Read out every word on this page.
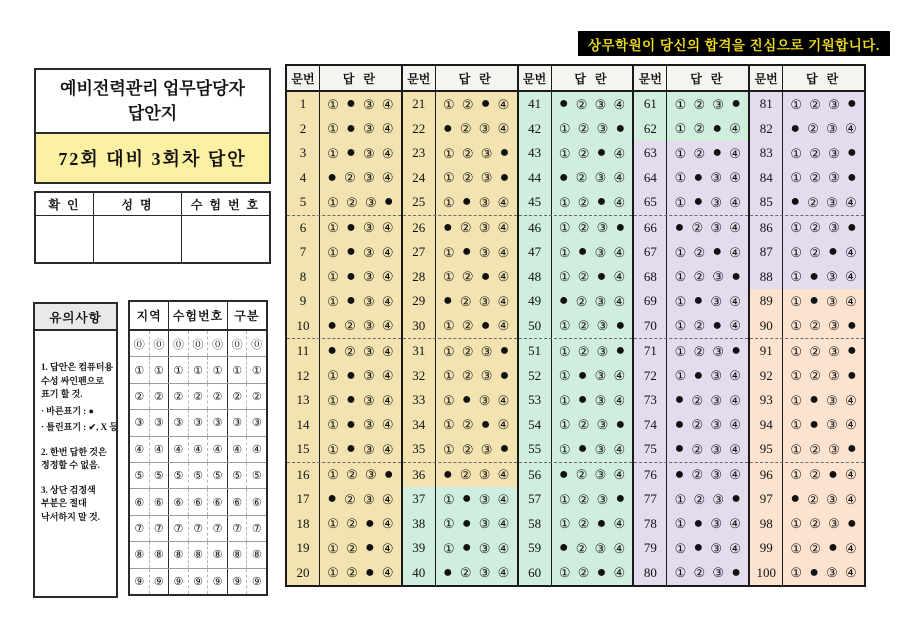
상무학원이 당신의 합격을 진심으로 기원합니다.
예비전력관리 업무담당자
답안지
72회 대비 3회차 답안
확 인	성 명	수 험 번 호
유의사항
1. 답안은 컴퓨터용
수성 싸인펜으로
표기 할 것.
· 바른표기 : ●
· 틀린표기 : ✔, X 등
2. 한번 답한 것은
정정할 수 없음.
3. 상단 검정색
부분은 절대
낙서하지 말 것.
지역 수험번호 구분
⓪ ⓪ ⓪ ⓪ ⓪ ⓪ ⓪
① ① ① ① ① ① ①
② ② ② ② ② ② ②
③ ③ ③ ③ ③ ③ ③
④ ④ ④ ④ ④ ④ ④
⑤ ⑤ ⑤ ⑤ ⑤ ⑤ ⑤
⑥ ⑥ ⑥ ⑥ ⑥ ⑥ ⑥
⑦ ⑦ ⑦ ⑦ ⑦ ⑦ ⑦
⑧ ⑧ ⑧ ⑧ ⑧ ⑧ ⑧
⑨ ⑨ ⑨ ⑨ ⑨ ⑨ ⑨
문번	답 란
1	① ● ③ ④
2	① ● ③ ④
3	① ● ③ ④
4	● ② ③ ④
5	① ② ③ ●
6	① ● ③ ④
7	① ● ③ ④
8	① ● ③ ④
9	① ● ③ ④
10	● ② ③ ④
11	● ② ③ ④
12	① ● ③ ④
13	① ● ③ ④
14	① ● ③ ④
15	① ● ③ ④
16	① ② ③ ●
17	● ② ③ ④
18	① ② ● ④
19	① ② ● ④
20	① ② ● ④
문번	답 란
21	① ② ● ④
22	● ② ③ ④
23	① ② ③ ●
24	① ② ③ ●
25	① ● ③ ④
26	● ② ③ ④
27	① ● ③ ④
28	① ② ● ④
29	● ② ③ ④
30	① ② ● ④
31	① ② ③ ●
32	① ② ③ ●
33	① ● ③ ④
34	① ② ● ④
35	① ② ③ ●
36	● ② ③ ④
37	① ● ③ ④
38	① ● ③ ④
39	① ● ③ ④
40	● ② ③ ④
문번	답 란
41	● ② ③ ④
42	① ② ③ ●
43	① ② ● ④
44	● ② ③ ④
45	① ② ● ④
46	① ② ③ ●
47	① ● ③ ④
48	① ② ● ④
49	● ② ③ ④
50	① ② ③ ●
51	① ② ③ ●
52	① ● ③ ④
53	① ● ③ ④
54	① ② ③ ●
55	① ● ③ ④
56	● ② ③ ④
57	① ② ③ ●
58	① ② ● ④
59	● ② ③ ④
60	① ② ● ④
문번	답 란
61	① ② ③ ●
62	① ② ● ④
63	① ② ● ④
64	① ● ③ ④
65	① ● ③ ④
66	● ② ③ ④
67	① ② ● ④
68	① ② ③ ●
69	① ● ③ ④
70	① ② ● ④
71	① ② ③ ●
72	① ● ③ ④
73	● ② ③ ④
74	● ② ③ ④
75	● ② ③ ④
76	● ② ③ ④
77	① ② ③ ●
78	① ● ③ ④
79	① ● ③ ④
80	① ② ③ ●
문번	답 란
81	① ② ③ ●
82	● ② ③ ④
83	① ② ③ ●
84	① ② ③ ●
85	● ② ③ ④
86	① ② ③ ●
87	① ② ● ④
88	① ● ③ ④
89	① ● ③ ④
90	① ② ③ ●
91	① ② ③ ●
92	① ② ③ ●
93	① ● ③ ④
94	① ● ③ ④
95	① ② ③ ●
96	① ② ● ④
97	● ② ③ ④
98	① ② ③ ●
99	① ② ● ④
100	① ● ③ ④
